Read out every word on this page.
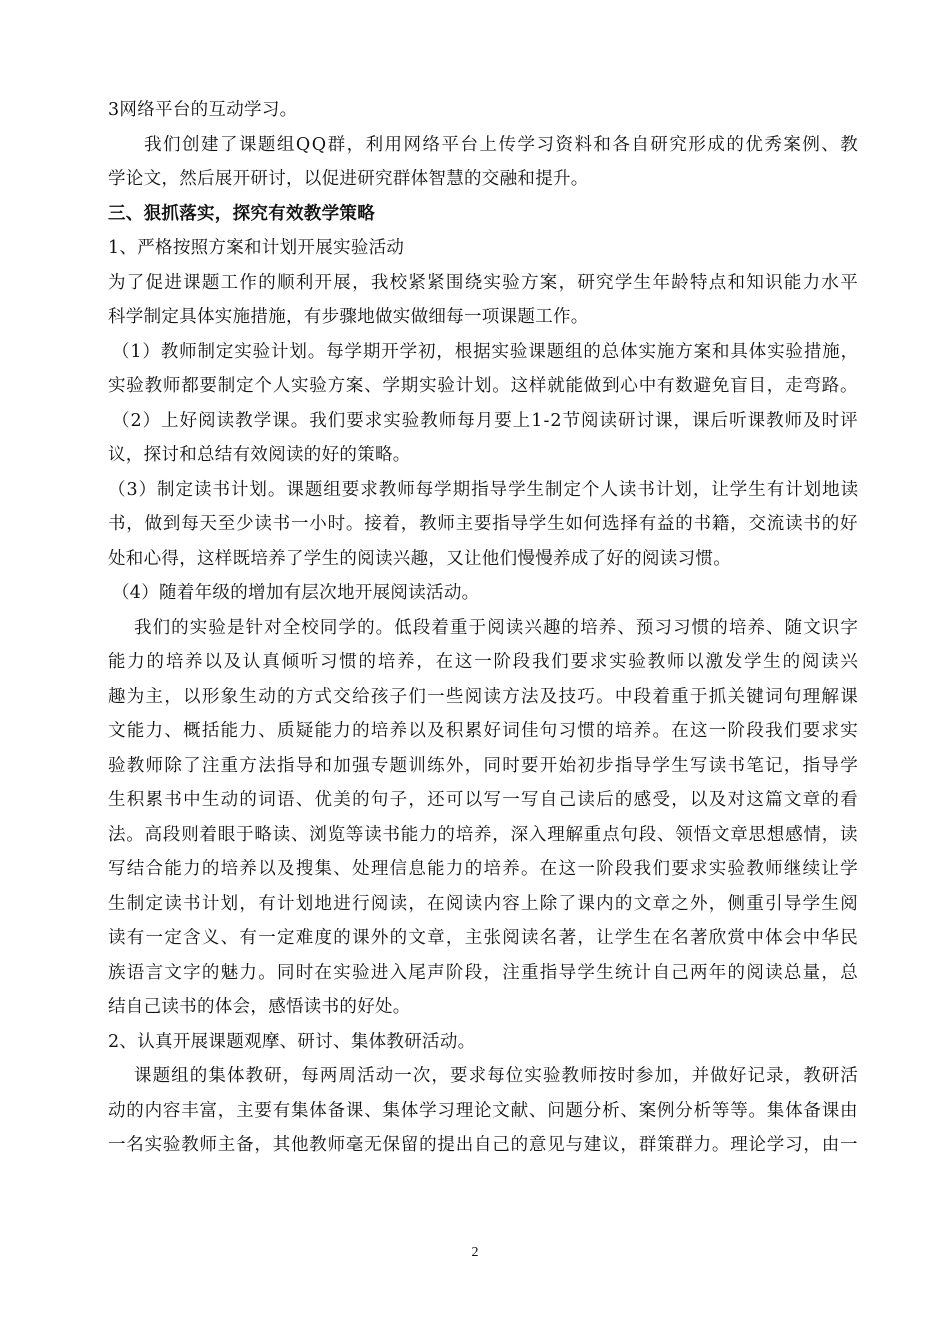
3网络平台的互动学习。
我们创建了课题组QQ群，利用网络平台上传学习资料和各自研究形成的优秀案例、教
学论文，然后展开研讨，以促进研究群体智慧的交融和提升。
三、狠抓落实，探究有效教学策略
1、严格按照方案和计划开展实验活动
为了促进课题工作的顺利开展，我校紧紧围绕实验方案，研究学生年龄特点和知识能力水平
科学制定具体实施措施，有步骤地做实做细每一项课题工作。
（1）教师制定实验计划。每学期开学初，根据实验课题组的总体实施方案和具体实验措施，
实验教师都要制定个人实验方案、学期实验计划。这样就能做到心中有数避免盲目，走弯路。
（2）上好阅读教学课。我们要求实验教师每月要上1-2节阅读研讨课，课后听课教师及时评
议，探讨和总结有效阅读的好的策略。
（3）制定读书计划。课题组要求教师每学期指导学生制定个人读书计划，让学生有计划地读
书，做到每天至少读书一小时。接着，教师主要指导学生如何选择有益的书籍，交流读书的好
处和心得，这样既培养了学生的阅读兴趣，又让他们慢慢养成了好的阅读习惯。
（4）随着年级的增加有层次地开展阅读活动。
我们的实验是针对全校同学的。低段着重于阅读兴趣的培养、预习习惯的培养、随文识字
能力的培养以及认真倾听习惯的培养，在这一阶段我们要求实验教师以激发学生的阅读兴
趣为主，以形象生动的方式交给孩子们一些阅读方法及技巧。中段着重于抓关键词句理解课
文能力、概括能力、质疑能力的培养以及积累好词佳句习惯的培养。在这一阶段我们要求实
验教师除了注重方法指导和加强专题训练外，同时要开始初步指导学生写读书笔记，指导学
生积累书中生动的词语、优美的句子，还可以写一写自己读后的感受，以及对这篇文章的看
法。高段则着眼于略读、浏览等读书能力的培养，深入理解重点句段、领悟文章思想感情，读
写结合能力的培养以及搜集、处理信息能力的培养。在这一阶段我们要求实验教师继续让学
生制定读书计划，有计划地进行阅读，在阅读内容上除了课内的文章之外，侧重引导学生阅
读有一定含义、有一定难度的课外的文章，主张阅读名著，让学生在名著欣赏中体会中华民
族语言文字的魅力。同时在实验进入尾声阶段，注重指导学生统计自己两年的阅读总量，总
结自己读书的体会，感悟读书的好处。
2、认真开展课题观摩、研讨、集体教研活动。
课题组的集体教研，每两周活动一次，要求每位实验教师按时参加，并做好记录，教研活
动的内容丰富，主要有集体备课、集体学习理论文献、问题分析、案例分析等等。集体备课由
一名实验教师主备，其他教师毫无保留的提出自己的意见与建议，群策群力。理论学习，由一
2
